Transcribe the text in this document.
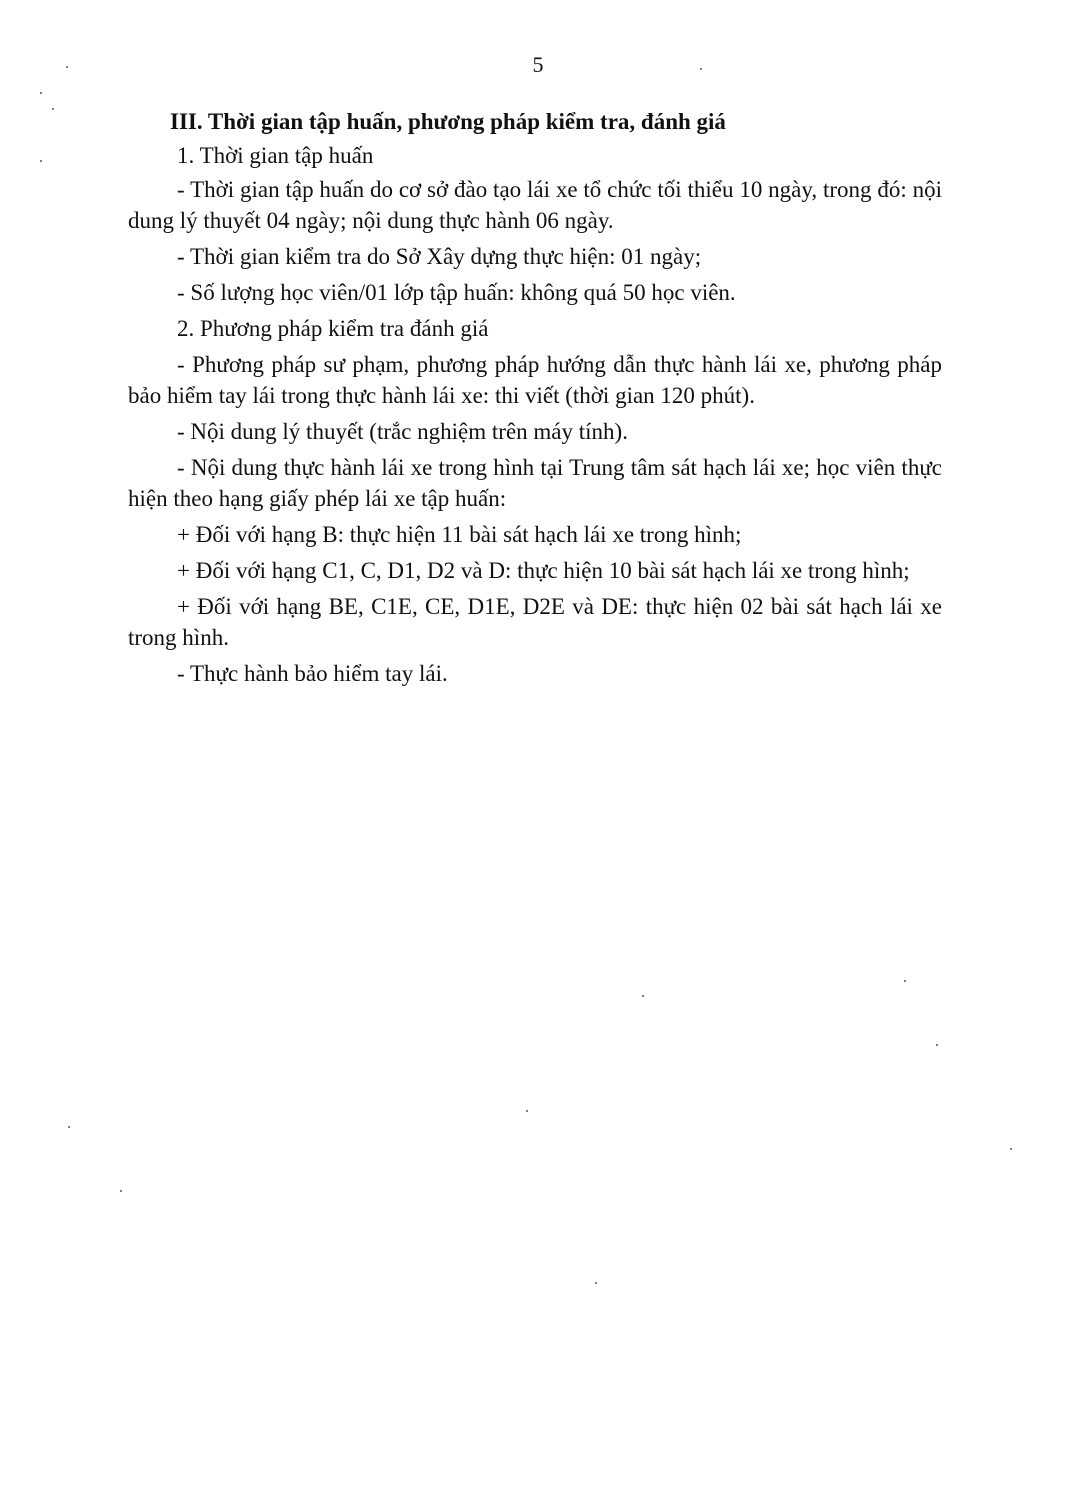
5
III. Thời gian tập huấn, phương pháp kiểm tra, đánh giá

1. Thời gian tập huấn

- Thời gian tập huấn do cơ sở đào tạo lái xe tổ chức tối thiểu 10 ngày, trong đó: nội dung lý thuyết 04 ngày; nội dung thực hành 06 ngày.

- Thời gian kiểm tra do Sở Xây dựng thực hiện: 01 ngày;

- Số lượng học viên/01 lớp tập huấn: không quá 50 học viên.

2. Phương pháp kiểm tra đánh giá

- Phương pháp sư phạm, phương pháp hướng dẫn thực hành lái xe, phương pháp bảo hiểm tay lái trong thực hành lái xe: thi viết (thời gian 120 phút).

- Nội dung lý thuyết (trắc nghiệm trên máy tính).

- Nội dung thực hành lái xe trong hình tại Trung tâm sát hạch lái xe; học viên thực hiện theo hạng giấy phép lái xe tập huấn:

+ Đối với hạng B: thực hiện 11 bài sát hạch lái xe trong hình;

+ Đối với hạng C1, C, D1, D2 và D: thực hiện 10 bài sát hạch lái xe trong hình;

+ Đối với hạng BE, C1E, CE, D1E, D2E và DE: thực hiện 02 bài sát hạch lái xe trong hình.

- Thực hành bảo hiểm tay lái.
